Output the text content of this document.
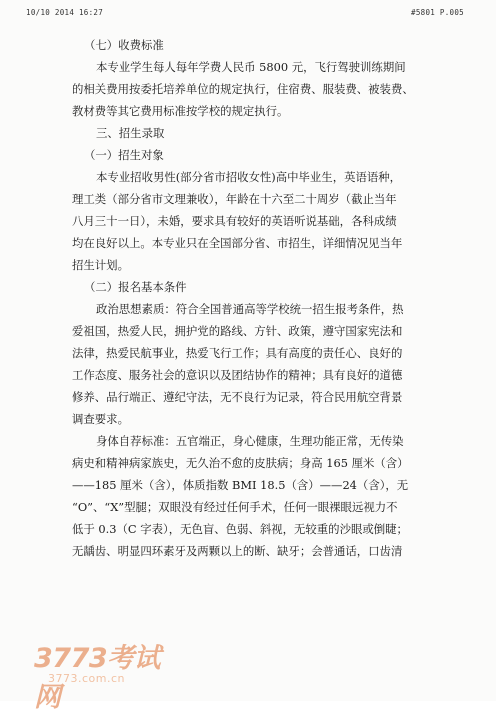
10/10 2014 16:27	#5801 P.005
（七）收费标准
本专业学生每人每年学费人民币 5800 元，飞行驾驶训练期间
的相关费用按委托培养单位的规定执行，住宿费、服装费、被装费、
教材费等其它费用标准按学校的规定执行。
三、招生录取
（一）招生对象
本专业招收男性(部分省市招收女性)高中毕业生，英语语种，
理工类（部分省市文理兼收），年龄在十六至二十周岁（截止当年
八月三十一日），未婚，要求具有较好的英语听说基础，各科成绩
均在良好以上。本专业只在全国部分省、市招生，详细情况见当年
招生计划。
（二）报名基本条件
政治思想素质：符合全国普通高等学校统一招生报考条件，热
爱祖国，热爱人民，拥护党的路线、方针、政策，遵守国家宪法和
法律，热爱民航事业，热爱飞行工作；具有高度的责任心、良好的
工作态度、服务社会的意识以及团结协作的精神；具有良好的道德
修养、品行端正、遵纪守法，无不良行为记录，符合民用航空背景
调查要求。
身体自荐标准：五官端正，身心健康，生理功能正常，无传染
病史和精神病家族史，无久治不愈的皮肤病；身高 165 厘米（含）
——185 厘米（含），体质指数 BMI 18.5（含）——24（含），无
“O”、“X”型腿；双眼没有经过任何手术，任何一眼裸眼远视力不
低于 0.3（C 字表），无色盲、色弱、斜视，无较重的沙眼或倒睫；
无龋齿、明显四环素牙及两颗以上的断、缺牙；会普通话，口齿清
3773考试网
3773.com.cn
